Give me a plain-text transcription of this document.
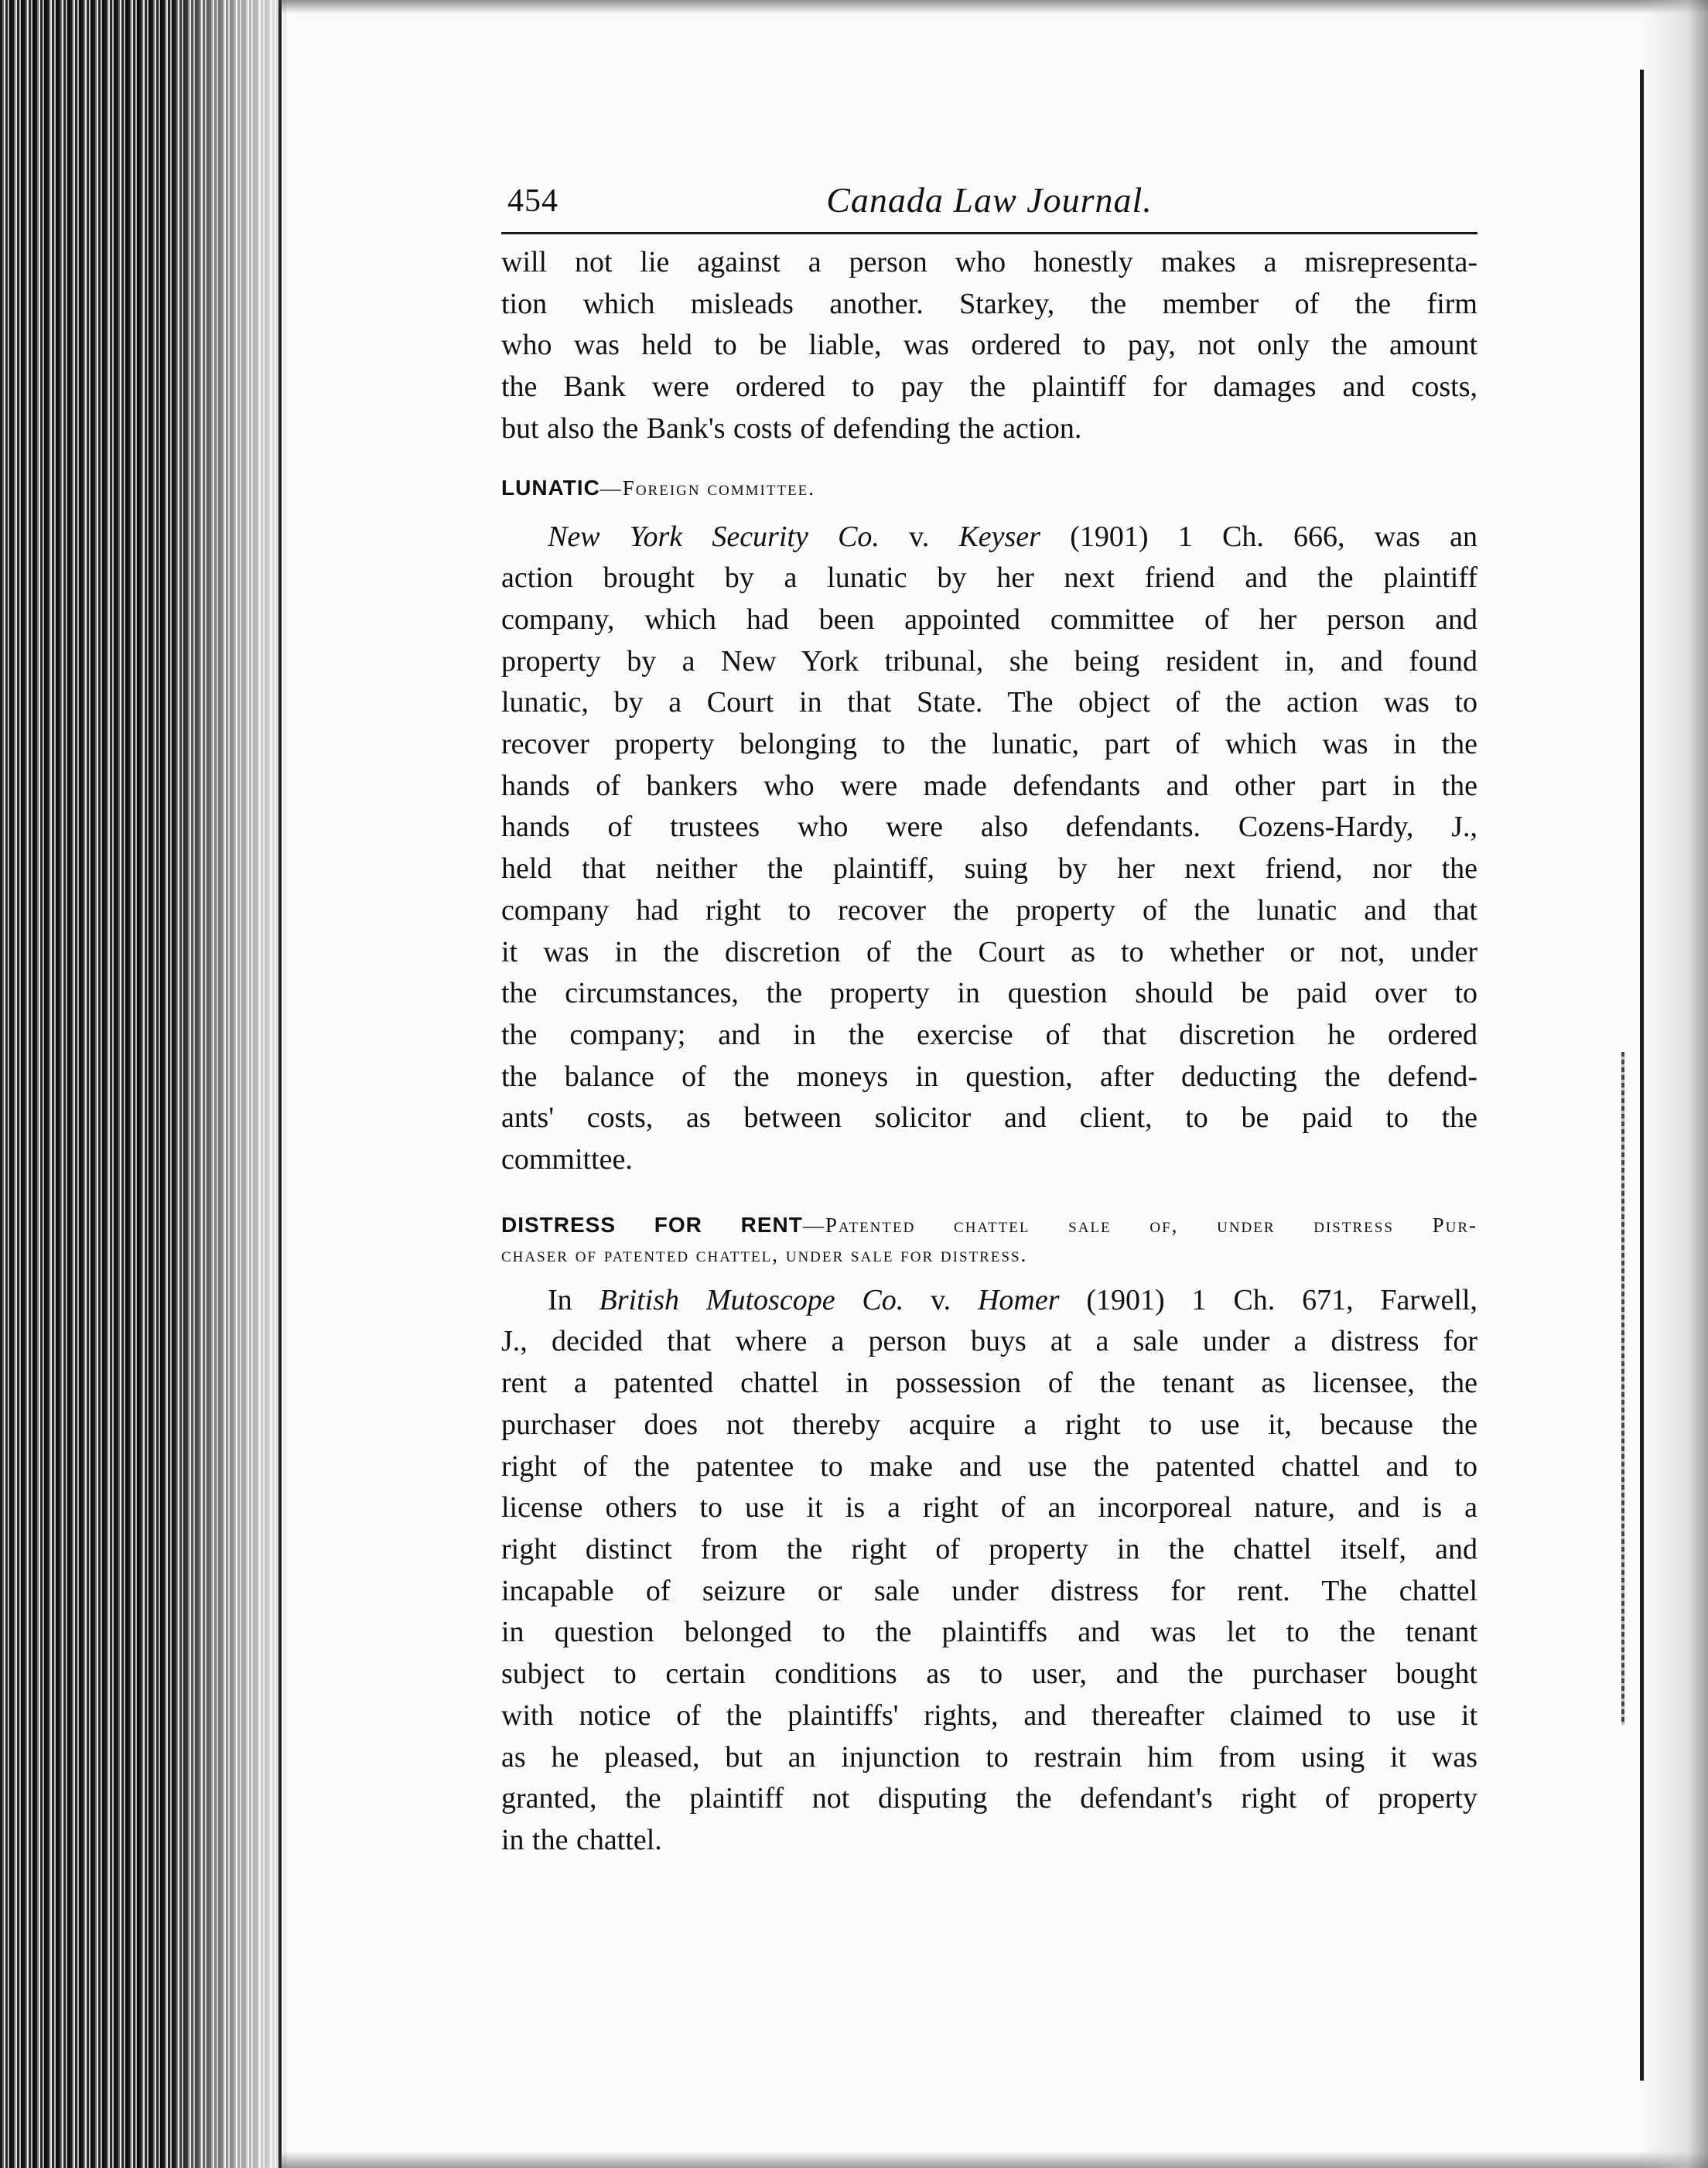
454	Canada Law Journal.
will not lie against a person who honestly makes a misrepresenta-
tion which misleads another. Starkey, the member of the firm
who was held to be liable, was ordered to pay, not only the amount
the Bank were ordered to pay the plaintiff for damages and costs,
but also the Bank's costs of defending the action.
LUNATIC—Foreign committee.
New York Security Co. v. Keyser (1901) 1 Ch. 666, was an
action brought by a lunatic by her next friend and the plaintiff
company, which had been appointed committee of her person and
property by a New York tribunal, she being resident in, and found
lunatic, by a Court in that State. The object of the action was to
recover property belonging to the lunatic, part of which was in the
hands of bankers who were made defendants and other part in the
hands of trustees who were also defendants. Cozens-Hardy, J.,
held that neither the plaintiff, suing by her next friend, nor the
company had right to recover the property of the lunatic and that
it was in the discretion of the Court as to whether or not, under
the circumstances, the property in question should be paid over to
the company; and in the exercise of that discretion he ordered
the balance of the moneys in question, after deducting the defend-
ants' costs, as between solicitor and client, to be paid to the
committee.
DISTRESS FOR RENT—Patented chattel sale of, under distress Pur-
chaser of patented chattel, under sale for distress.
In British Mutoscope Co. v. Homer (1901) 1 Ch. 671, Farwell,
J., decided that where a person buys at a sale under a distress for
rent a patented chattel in possession of the tenant as licensee, the
purchaser does not thereby acquire a right to use it, because the
right of the patentee to make and use the patented chattel and to
license others to use it is a right of an incorporeal nature, and is a
right distinct from the right of property in the chattel itself, and
incapable of seizure or sale under distress for rent. The chattel
in question belonged to the plaintiffs and was let to the tenant
subject to certain conditions as to user, and the purchaser bought
with notice of the plaintiffs' rights, and thereafter claimed to use it
as he pleased, but an injunction to restrain him from using it was
granted, the plaintiff not disputing the defendant's right of property
in the chattel.
